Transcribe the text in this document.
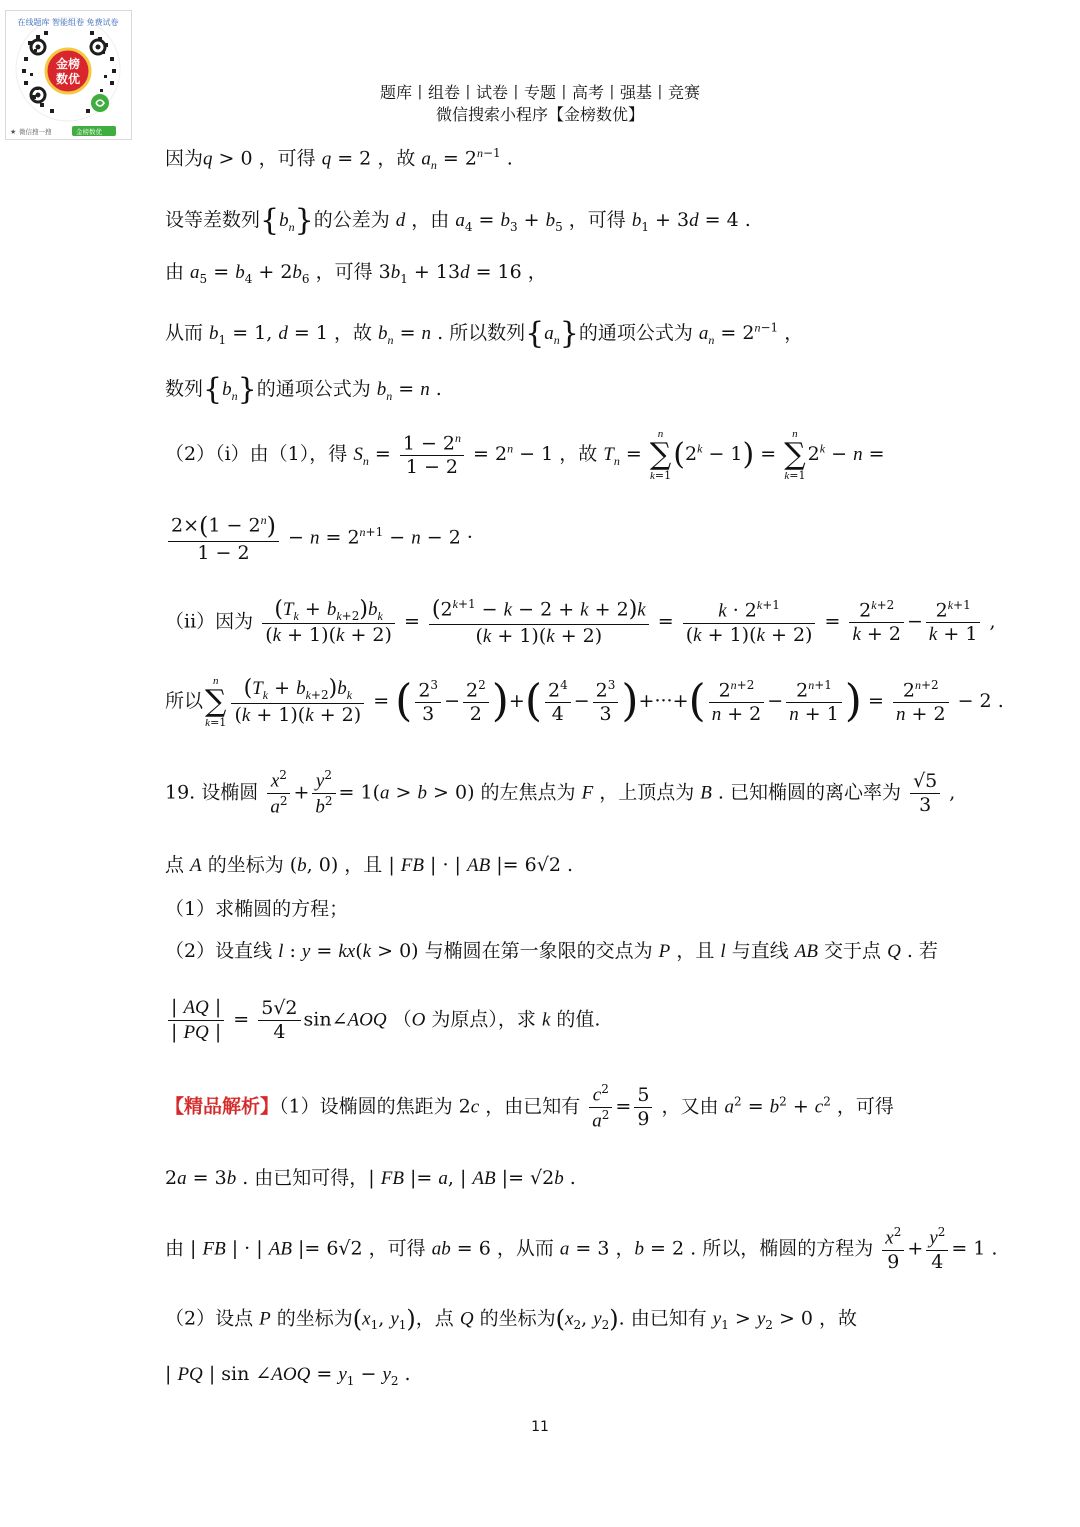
金榜
数优
在线题库 智能组卷 免费试卷
★ 微信搜一搜	金榜数优
题库丨组卷丨试卷丨专题丨高考丨强基丨竞赛
微信搜索小程序【金榜数优】
因为q > 0 ，可得 q = 2 ，故 $a_n = 2^{n-1}$ .
设等差数列$\{b_n\}$的公差为 d ，由 $a_4 = b_3 + b_5$ ，可得 $b_1 + 3d = 4$ .
由 $a_5 = b_4 + 2b_6$ ，可得 $3b_1 + 13d = 16$ ，
从而 $b_1 = 1$, d = 1 ，故 $b_n = n$ . 所以数列$\{a_n\}$的通项公式为 $a_n = 2^{n-1}$ ，
数列$\{b_n\}$的通项公式为 $b_n = n$ .
（2）（i）由（1），得 $S_n = \frac{1 - 2^n}{1 - 2} = 2^n - 1$ ，故 $T_n = n$
∑
$k=1(2^k - 1) = n$
∑
$k=12^k - n$ =
$\frac{2\times(1 - 2^n)}{1 - 2} - n = 2^{n+1} - n - 2$ ·
（ii）因为 $\frac{(T_k + b_{k+2})b_k}{(k + 1)(k + 2)} = \frac{(2^{k+1} - k - 2 + k + 2)k}{(k + 1)(k + 2)} = \frac{k \cdot 2^{k+1}}{(k + 1)(k + 2)} = \frac{2^{k+2}}{k + 2} - \frac{2^{k+1}}{k + 1}$ ,
所以n
∑
$k=1 \frac{(T_k + b_{k+2})b_k}{(k + 1)(k + 2)}$ = ( $\frac{2^3}{3} - \frac{2^2}{2}$ )+( $\frac{2^4}{4} - \frac{2^3}{3}$ )+···+( $\frac{2^{n+2}}{n + 2} - \frac{2^{n+1}}{n + 1}$ ) = $\frac{2^{n+2}}{n + 2} - 2$ .
19. 设椭圆 $\frac{x^2}{a^2} + \frac{y^2}{b^2} = 1(a > b > 0)$ 的左焦点为 F ，上顶点为 B . 已知椭圆的离心率为 $\frac{√5}{3}$ ,
点 A 的坐标为 (b, 0) ，且 | FB | · | AB |= 6√2 .
（1）求椭圆的方程；
（2）设直线 l : y = kx(k > 0) 与椭圆在第一象限的交点为 P ，且 l 与直线 AB 交于点 Q . 若
$\frac{| AQ |}{| PQ |} = \frac{5√2}{4}$ sin∠AOQ （O 为原点），求 k 的值.
【精品解析】（1）设椭圆的焦距为 2c ，由已知有 $\frac{c^2}{a^2} = \frac{5}{9}$ ，又由 $a^2 = b^2 + c^2$ ，可得
2a = 3b . 由已知可得，| FB |= a, | AB |= √2b .
由 | FB | · | AB |= 6√2 ，可得 ab = 6 ，从而 a = 3 ，b = 2 . 所以，椭圆的方程为 $\frac{x^2}{9} + \frac{y^2}{4} = 1$ .
（2）设点 P 的坐标为($x_1$, $y_1$)，点 Q 的坐标为($x_2$, $y_2$). 由已知有 $y_1 > y_2 > 0$ ，故
| PQ | sin ∠AOQ = $y_1 - y_2$ .
11
